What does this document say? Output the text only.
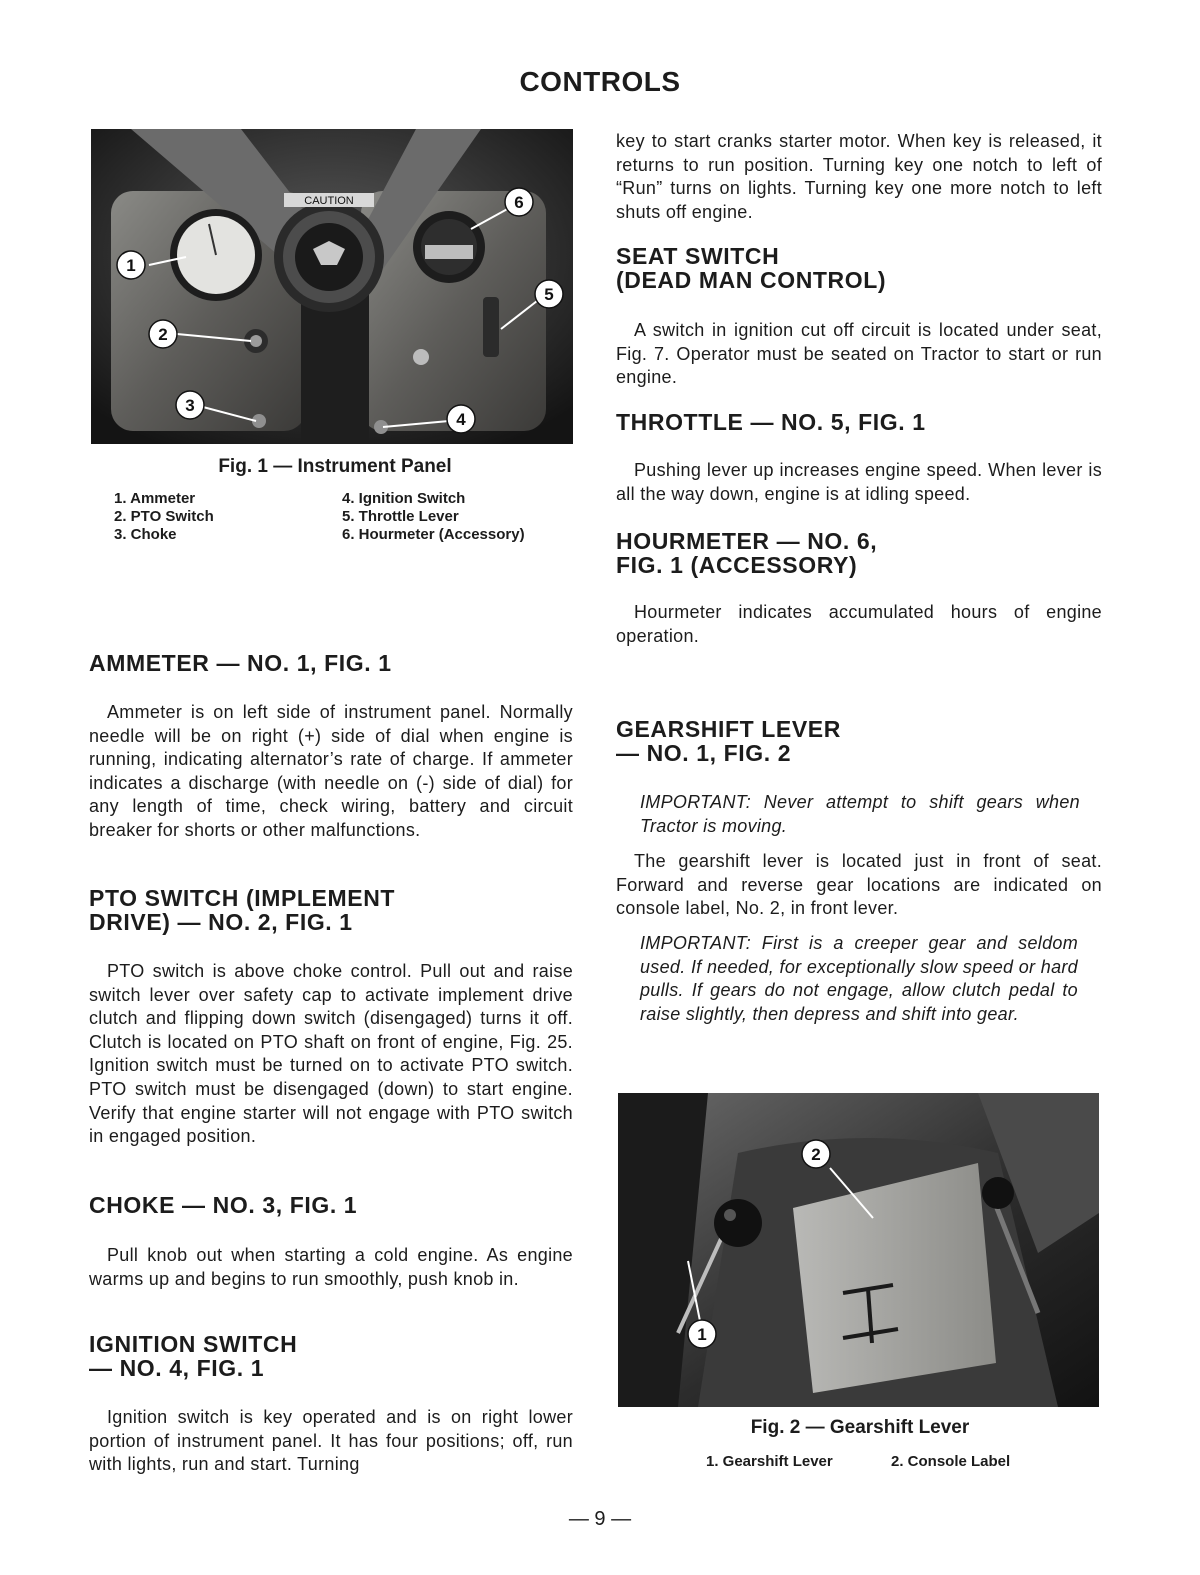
CONTROLS
1
2
3
4
5
6
CAUTION
Fig. 1 — Instrument Panel
1. Ammeter
2. PTO Switch
3. Choke
4. Ignition Switch
5. Throttle Lever
6. Hourmeter (Accessory)
AMMETER — NO. 1, FIG. 1

Ammeter is on left side of instrument panel. Normally needle will be on right (+) side of dial when engine is running, indicating alternator’s rate of charge. If ammeter indicates a discharge (with needle on (-) side of dial) for any length of time, check wiring, battery and circuit breaker for shorts or other malfunctions.

PTO SWITCH (IMPLEMENT
DRIVE) — NO. 2, FIG. 1

PTO switch is above choke control. Pull out and raise switch lever over safety cap to activate implement drive clutch and flipping down switch (disengaged) turns it off. Clutch is located on PTO shaft on front of engine, Fig. 25. Ignition switch must be turned on to activate PTO switch. PTO switch must be disengaged (down) to start engine. Verify that engine starter will not engage with PTO switch in engaged position.

CHOKE — NO. 3, FIG. 1

Pull knob out when starting a cold engine. As engine warms up and begins to run smoothly, push knob in.

IGNITION SWITCH
— NO. 4, FIG. 1

Ignition switch is key operated and is on right lower portion of instrument panel. It has four positions; off, run with lights, run and start. Turning

key to start cranks starter motor. When key is released, it returns to run position. Turning key one notch to left of “Run” turns on lights. Turning key one more notch to left shuts off engine.

SEAT SWITCH
(DEAD MAN CONTROL)

A switch in ignition cut off circuit is located under seat, Fig. 7. Operator must be seated on Tractor to start or run engine.

THROTTLE — NO. 5, FIG. 1

Pushing lever up increases engine speed. When lever is all the way down, engine is at idling speed.

HOURMETER — NO. 6,
FIG. 1 (ACCESSORY)

Hourmeter indicates accumulated hours of engine operation.

GEARSHIFT LEVER
— NO. 1, FIG. 2

IMPORTANT: Never attempt to shift gears when Tractor is moving.

The gearshift lever is located just in front of seat. Forward and reverse gear locations are indicated on console label, No. 2, in front lever.

IMPORTANT: First is a creeper gear and seldom used. If needed, for exceptionally slow speed or hard pulls. If gears do not engage, allow clutch pedal to raise slightly, then depress and shift into gear.

1
2
Fig. 2 — Gearshift Lever
1. Gearshift Lever	2. Console Label
— 9 —
